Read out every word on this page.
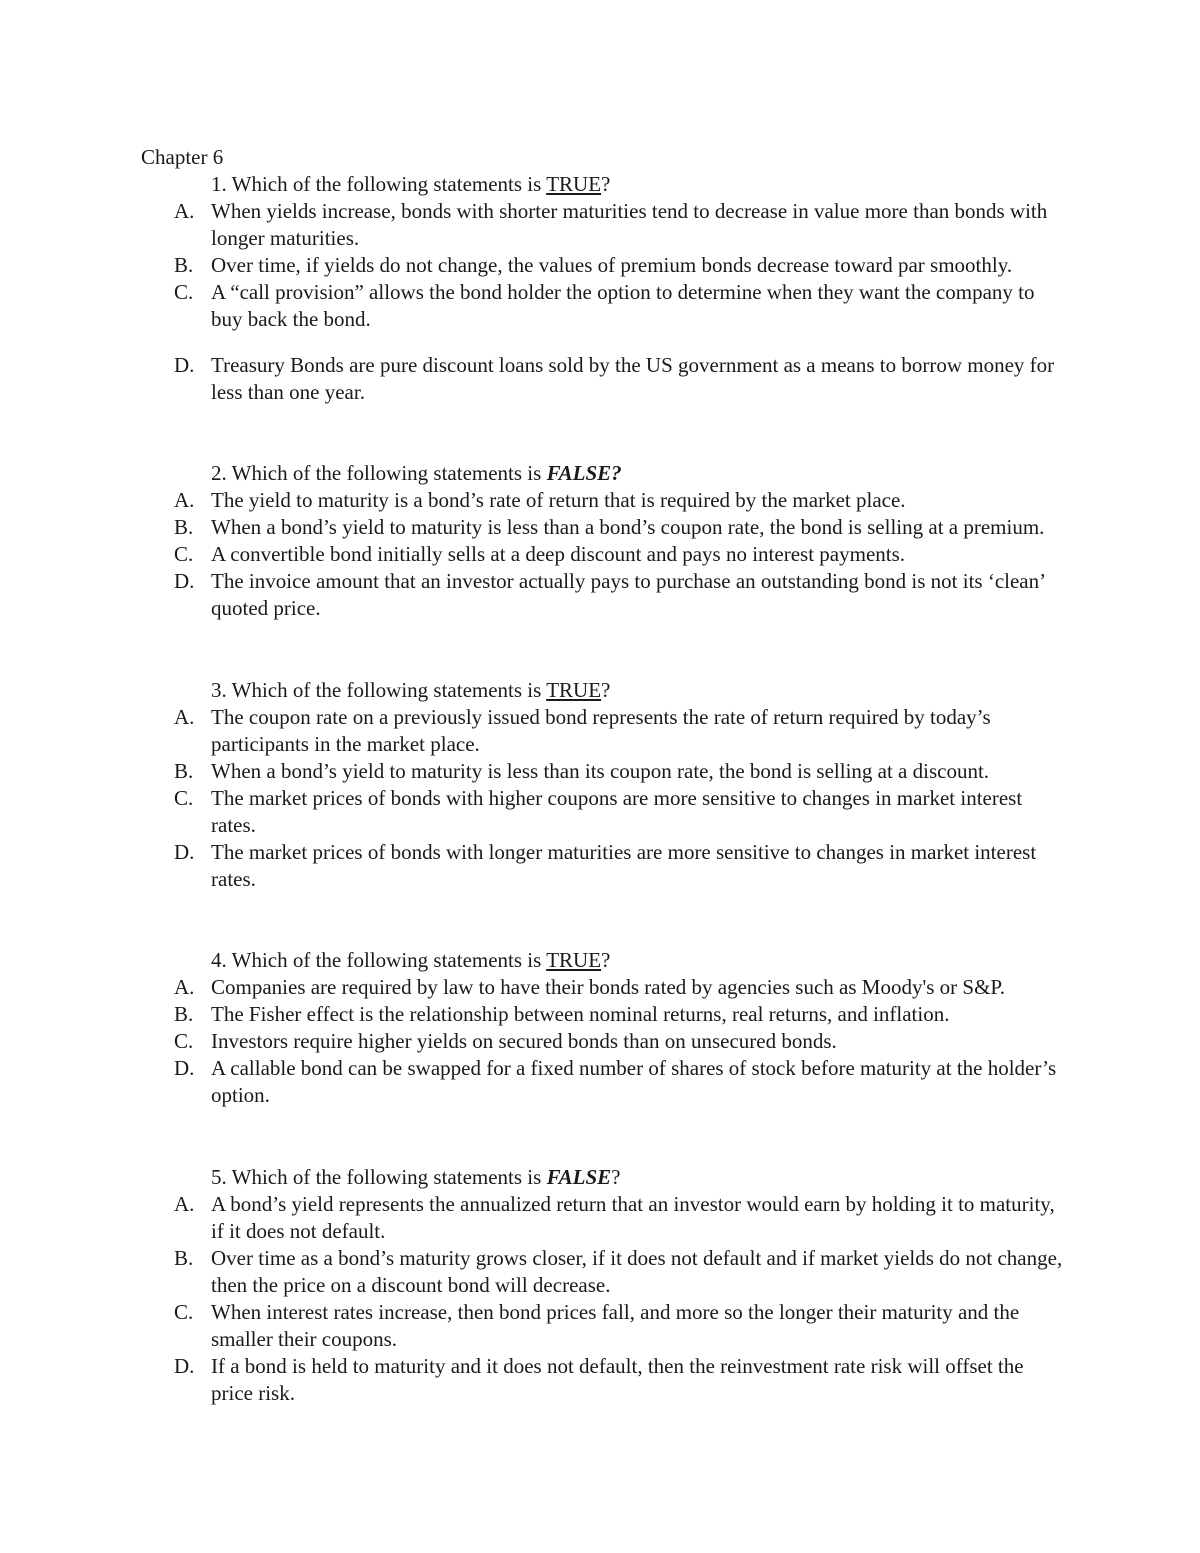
Chapter 6
1. Which of the following statements is TRUE?
A. When yields increase, bonds with shorter maturities tend to decrease in value more than bonds with longer maturities.
B. Over time, if yields do not change, the values of premium bonds decrease toward par smoothly.
C. A “call provision” allows the bond holder the option to determine when they want the company to buy back the bond.
D. Treasury Bonds are pure discount loans sold by the US government as a means to borrow money for less than one year.
2. Which of the following statements is FALSE?
A. The yield to maturity is a bond’s rate of return that is required by the market place.
B. When a bond’s yield to maturity is less than a bond’s coupon rate, the bond is selling at a premium.
C. A convertible bond initially sells at a deep discount and pays no interest payments.
D. The invoice amount that an investor actually pays to purchase an outstanding bond is not its ‘clean’ quoted price.
3. Which of the following statements is TRUE?
A. The coupon rate on a previously issued bond represents the rate of return required by today’s participants in the market place.
B. When a bond’s yield to maturity is less than its coupon rate, the bond is selling at a discount.
C. The market prices of bonds with higher coupons are more sensitive to changes in market interest rates.
D. The market prices of bonds with longer maturities are more sensitive to changes in market interest rates.
4. Which of the following statements is TRUE?
A. Companies are required by law to have their bonds rated by agencies such as Moody's or S&P.
B. The Fisher effect is the relationship between nominal returns, real returns, and inflation.
C. Investors require higher yields on secured bonds than on unsecured bonds.
D. A callable bond can be swapped for a fixed number of shares of stock before maturity at the holder’s option.
5. Which of the following statements is FALSE?
A. A bond’s yield represents the annualized return that an investor would earn by holding it to maturity, if it does not default.
B. Over time as a bond’s maturity grows closer, if it does not default and if market yields do not change, then the price on a discount bond will decrease.
C. When interest rates increase, then bond prices fall, and more so the longer their maturity and the smaller their coupons.
D. If a bond is held to maturity and it does not default, then the reinvestment rate risk will offset the price risk.
